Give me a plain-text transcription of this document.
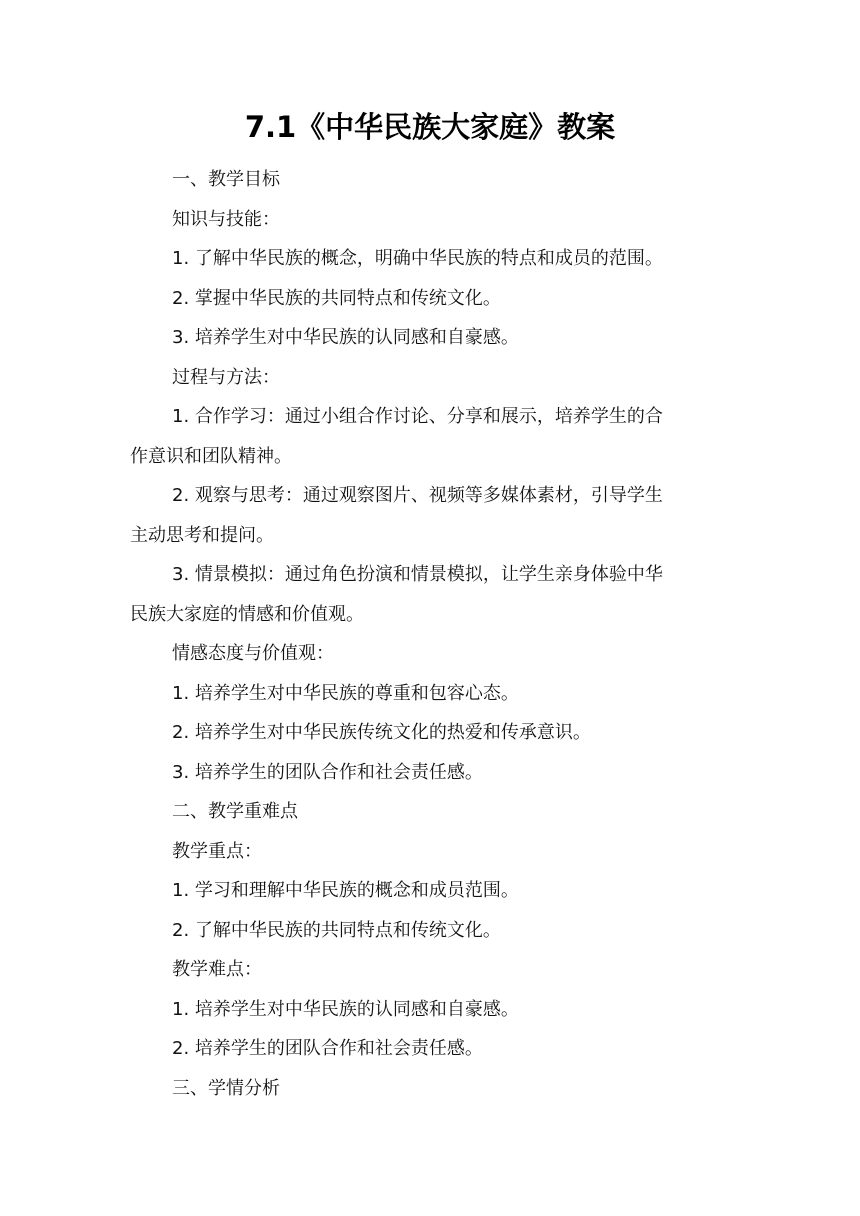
7.1《中华民族大家庭》教案

一、教学目标

知识与技能：

1. 了解中华民族的概念，明确中华民族的特点和成员的范围。

2. 掌握中华民族的共同特点和传统文化。

3. 培养学生对中华民族的认同感和自豪感。

过程与方法：

1. 合作学习：通过小组合作讨论、分享和展示，培养学生的合

作意识和团队精神。

2. 观察与思考：通过观察图片、视频等多媒体素材，引导学生

主动思考和提问。

3. 情景模拟：通过角色扮演和情景模拟，让学生亲身体验中华

民族大家庭的情感和价值观。

情感态度与价值观：

1. 培养学生对中华民族的尊重和包容心态。

2. 培养学生对中华民族传统文化的热爱和传承意识。

3. 培养学生的团队合作和社会责任感。

二、教学重难点

教学重点：

1. 学习和理解中华民族的概念和成员范围。

2. 了解中华民族的共同特点和传统文化。

教学难点：

1. 培养学生对中华民族的认同感和自豪感。

2. 培养学生的团队合作和社会责任感。

三、学情分析
